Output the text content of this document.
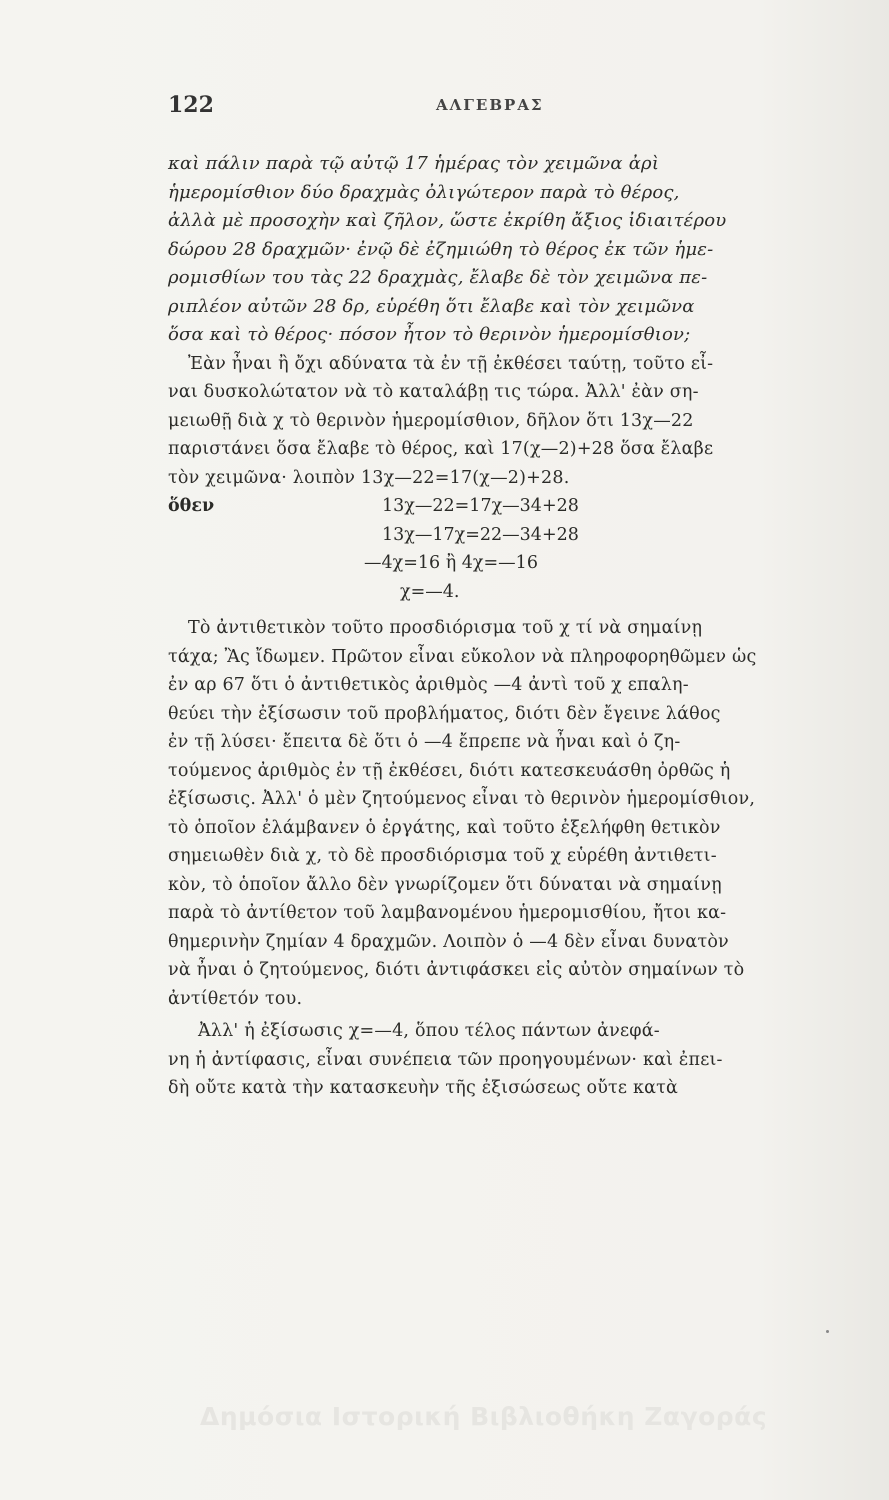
122	ΑΛΓΕΒΡΑΣ
καὶ πάλιν παρὰ τῷ αὐτῷ 17 ἡμέρας τὸν χειμῶνα ἀρὶ
ἡμερομίσθιον δύο δραχμὰς ὀλιγώτερον παρὰ τὸ θέρος,
ἀλλὰ μὲ προσοχὴν καὶ ζῆλον, ὥστε ἐκρίθη ἄξιος ἰδιαιτέρου
δώρου 28 δραχμῶν· ἐνῷ δὲ ἐζημιώθη τὸ θέρος ἐκ τῶν ἡμε-
ρομισθίων του τὰς 22 δραχμὰς, ἔλαβε δὲ τὸν χειμῶνα πε-
ριπλέον αὐτῶν 28 δρ, εὑρέθη ὅτι ἔλαβε καὶ τὸν χειμῶνα
ὅσα καὶ τὸ θέρος· πόσον ἦτον τὸ θερινὸν ἡμερομίσθιον;
Ἐὰν ἦναι ἢ ὄχι αδύνατα τὰ ἐν τῇ ἐκθέσει ταύτῃ, τοῦτο εἶ-
ναι δυσκολώτατον νὰ τὸ καταλάβῃ τις τώρα. Ἀλλ' ἐὰν ση-
μειωθῇ διὰ χ τὸ θερινὸν ἡμερομίσθιον, δῆλον ὅτι 13χ—22
παριστάνει ὅσα ἔλαβε τὸ θέρος, καὶ 17(χ—2)+28 ὅσα ἔλαβε
τὸν χειμῶνα· λοιπὸν 13χ—22=17(χ—2)+28.
ὅθεν	13χ—22=17χ—34+28
13χ—17χ=22—34+28
—4χ=16 ἢ 4χ=—16
χ=—4.
Τὸ ἀντιθετικὸν τοῦτο προσδιόρισμα τοῦ χ τί νὰ σημαίνῃ
τάχα; Ἂς ἴδωμεν. Πρῶτον εἶναι εὔκολον νὰ πληροφορηθῶμεν ὡς
ἐν αρ 67 ὅτι ὁ ἀντιθετικὸς ἀριθμὸς —4 ἀντὶ τοῦ χ επαλη-
θεύει τὴν ἐξίσωσιν τοῦ προβλήματος, διότι δὲν ἔγεινε λάθος
ἐν τῇ λύσει· ἔπειτα δὲ ὅτι ὁ —4 ἔπρεπε νὰ ἦναι καὶ ὁ ζη-
τούμενος ἀριθμὸς ἐν τῇ ἐκθέσει, διότι κατεσκευάσθη ὀρθῶς ἡ
ἐξίσωσις. Ἀλλ' ὁ μὲν ζητούμενος εἶναι τὸ θερινὸν ἡμερομίσθιον,
τὸ ὁποῖον ἐλάμβανεν ὁ ἐργάτης, καὶ τοῦτο ἐξελήφθη θετικὸν
σημειωθὲν διὰ χ, τὸ δὲ προσδιόρισμα τοῦ χ εὑρέθη ἀντιθετι-
κὸν, τὸ ὁποῖον ἄλλο δὲν γνωρίζομεν ὅτι δύναται νὰ σημαίνῃ
παρὰ τὸ ἀντίθετον τοῦ λαμβανομένου ἡμερομισθίου, ἤτοι κα-
θημερινὴν ζημίαν 4 δραχμῶν. Λοιπὸν ὁ —4 δὲν εἶναι δυνατὸν
νὰ ἦναι ὁ ζητούμενος, διότι ἀντιφάσκει εἰς αὐτὸν σημαίνων τὸ
ἀντίθετόν του.
Ἀλλ' ἡ ἐξίσωσις χ=—4, ὅπου τέλος πάντων ἀνεφά-
νη ἡ ἀντίφασις, εἶναι συνέπεια τῶν προηγουμένων· καὶ ἐπει-
δὴ οὔτε κατὰ τὴν κατασκευὴν τῆς ἐξισώσεως οὔτε κατὰ
Δημόσια Ιστορική Βιβλιοθήκη Ζαγοράς
